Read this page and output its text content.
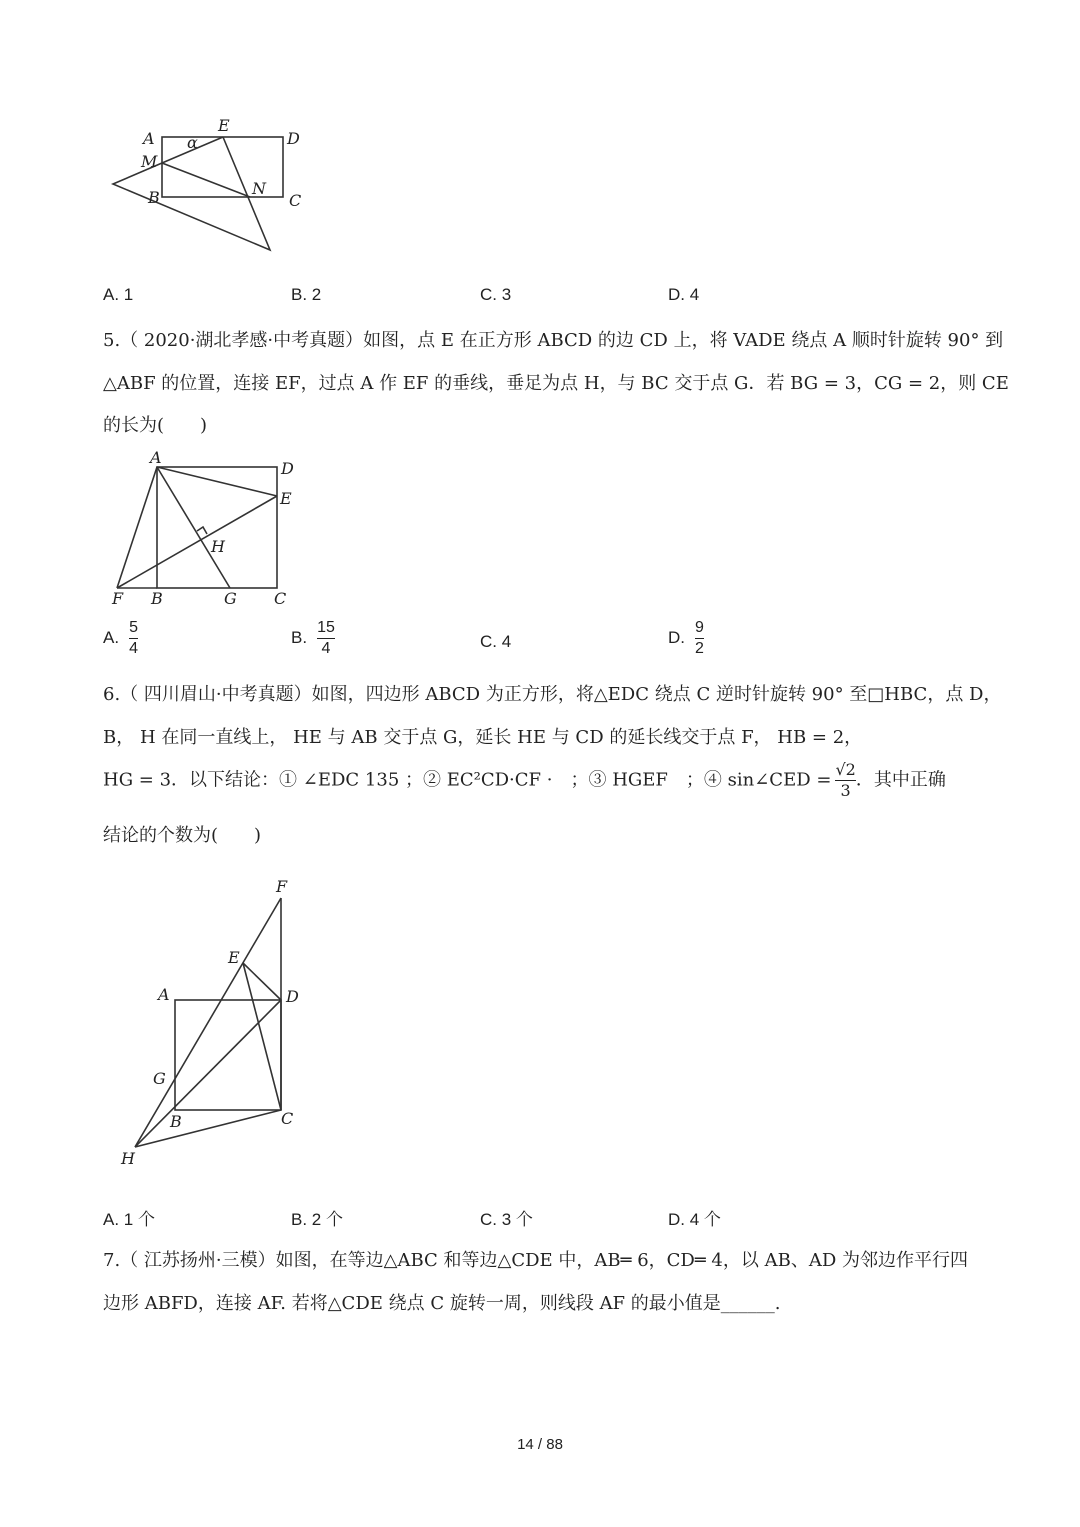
A
E
D
M
B	N
C
α
A
D
E
H
F B	G C
F
E
A	D
G
B	C
H
A. 1	B. 2	C. 3	D. 4
5.（ 2020·湖北孝感·中考真题）如图，点 E 在正方形 ABCD 的边 CD 上，将 VADE 绕点 A 顺时针旋转 90° 到
△ABF 的位置，连接 EF，过点 A 作 EF 的垂线，垂足为点 H，与 BC 交于点 G．若 BG = 3，CG = 2，则 CE
的长为(　　)
A. $\frac{5}{4}$	B. $\frac{15}{4}$	C. 4	D. $\frac{9}{2}$
6.（ 四川眉山·中考真题）如图，四边形 ABCD 为正方形，将△EDC 绕点 C 逆时针旋转 90° 至□HBC，点 D，
B， H 在同一直线上， HE 与 AB 交于点 G，延长 HE 与 CD 的延长线交于点 F， HB = 2，
HG = 3．以下结论：① ∠EDC 135 ；② EC²CD·CF ·　；③ HGEF　；④ sin∠CED = $\frac{√2}{3}$ ．其中正确
结论的个数为(　　)
A. 1 个	B. 2 个	C. 3 个	D. 4 个
7.（ 江苏扬州·三模）如图，在等边△ABC 和等边△CDE 中，AB═ 6，CD═ 4，以 AB、AD 为邻边作平行四
边形 ABFD，连接 AF. 若将△CDE 绕点 C 旋转一周，则线段 AF 的最小值是______.
14 / 88
